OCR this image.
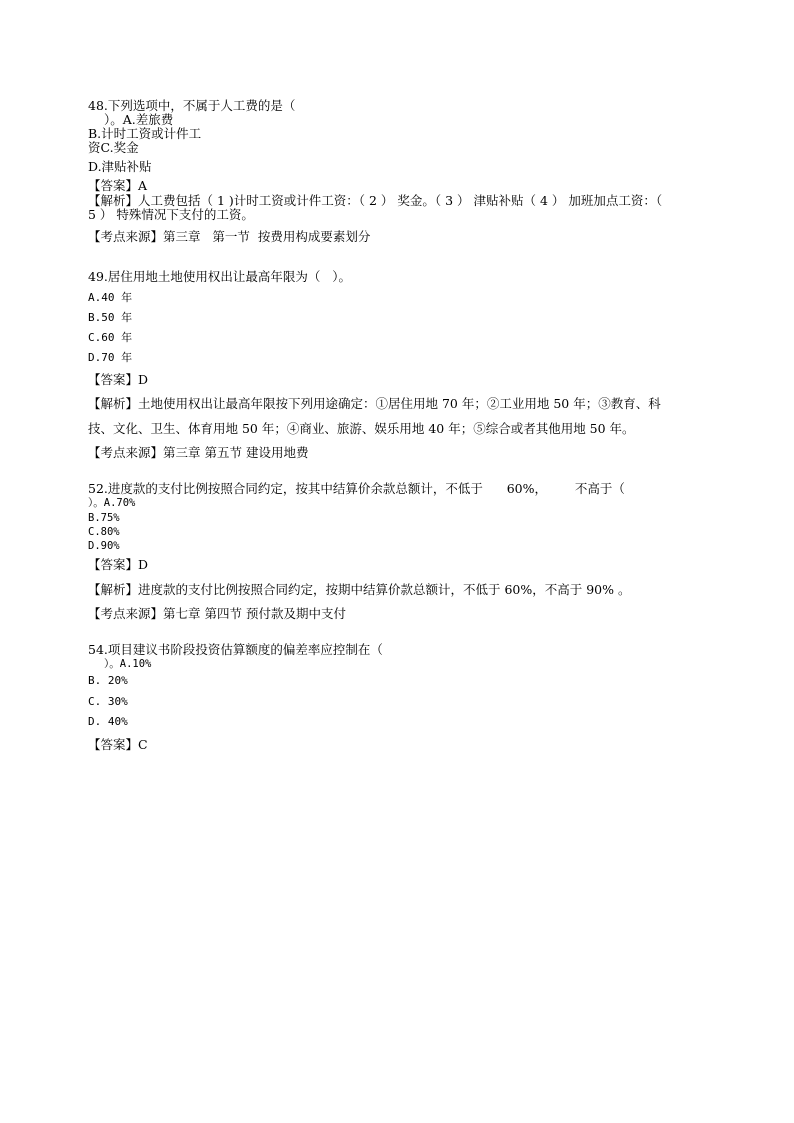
48.下列选项中，不属于人工费的是（
）。A.差旅费
B.计时工资或计件工
资C.奖金
D.津贴补贴
【答案】A
【解析】人工费包括（ 1 )计时工资或计件工资：（ 2 ） 奖金。（ 3 ） 津贴补贴（ 4 ） 加班加点工资：（
5 ） 特殊情况下支付的工资。
【考点来源】第三章   第一节  按费用构成要素划分
49.居住用地土地使用权出让最高年限为（   ）。
A.40 年
B.50 年
C.60 年
D.70 年
【答案】D
【解析】土地使用权出让最高年限按下列用途确定：①居住用地 70 年；②工业用地 50 年；③教育、科
技、文化、卫生、体育用地 50 年；④商业、旅游、娱乐用地 40 年；⑤综合或者其他用地 50 年。
【考点来源】第三章 第五节 建设用地费
52.进度款的支付比例按照合同约定，按其中结算价余款总额计，不低于      60%，       不高于（
）。A.70%
B.75%
C.80%
D.90%
【答案】D
【解析】进度款的支付比例按照合同约定，按期中结算价款总额计，不低于 60%，不高于 90% 。
【考点来源】第七章 第四节 预付款及期中支付
54.项目建议书阶段投资估算额度的偏差率应控制在（
）。A.10%
B. 20%
C. 30%
D. 40%
【答案】C
